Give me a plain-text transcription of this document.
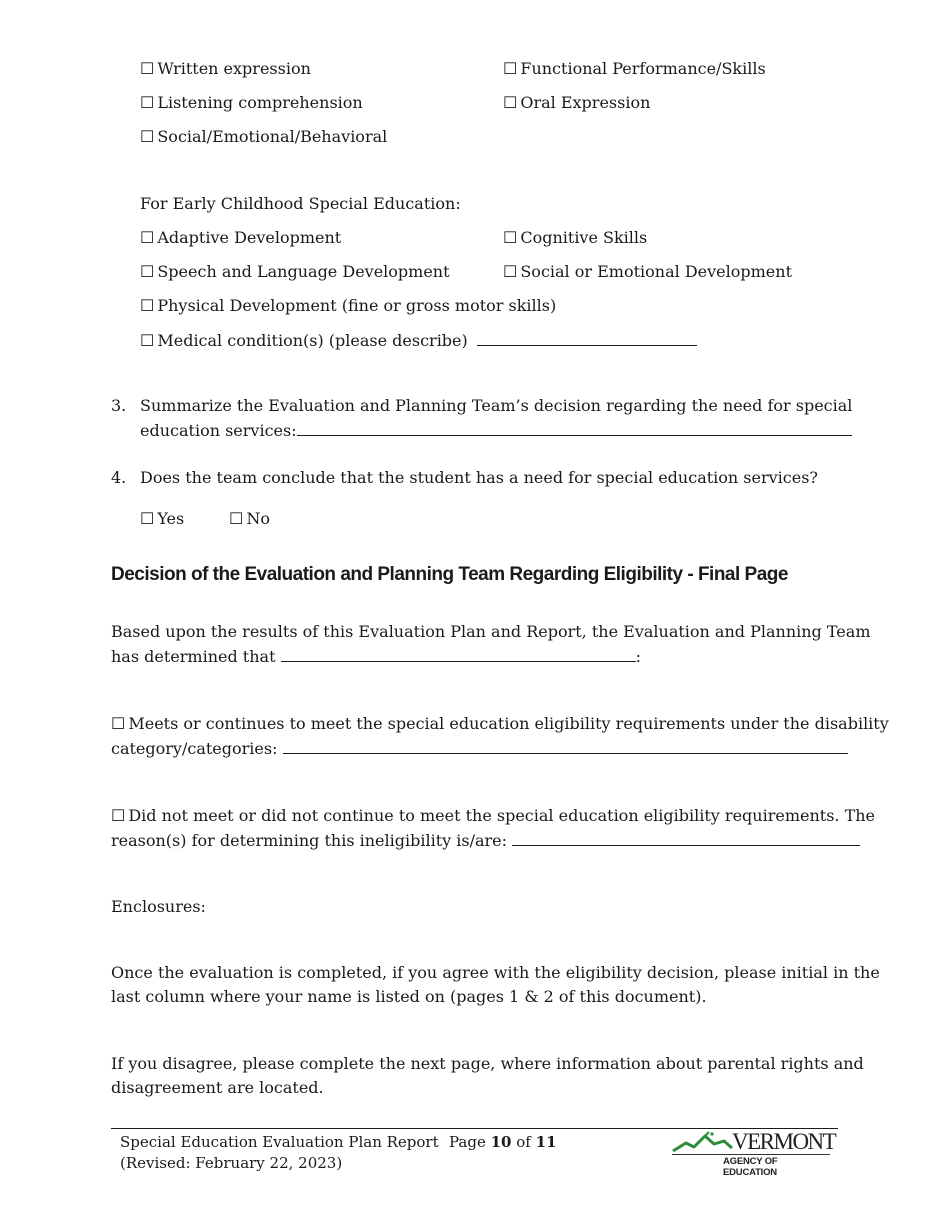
☐ Written expression	☐ Functional Performance/Skills
☐ Listening comprehension	☐ Oral Expression
☐ Social/Emotional/Behavioral
For Early Childhood Special Education:
☐ Adaptive Development	☐ Cognitive Skills
☐ Speech and Language Development	☐ Social or Emotional Development
☐ Physical Development (fine or gross motor skills)
☐ Medical condition(s) (please describe)
3. Summarize the Evaluation and Planning Team’s decision regarding the need for special
education services:
4. Does the team conclude that the student has a need for special education services?
☐ Yes	☐ No
Decision of the Evaluation and Planning Team Regarding Eligibility - Final Page
Based upon the results of this Evaluation Plan and Report, the Evaluation and Planning Team
has determined that	:
☐ Meets or continues to meet the special education eligibility requirements under the disability
category/categories:
☐ Did not meet or did not continue to meet the special education eligibility requirements. The
reason(s) for determining this ineligibility is/are:
Enclosures:
Once the evaluation is completed, if you agree with the eligibility decision, please initial in the
last column where your name is listed on (pages 1 & 2 of this document).
If you disagree, please complete the next page, where information about parental rights and
disagreement are located.
Special Education Evaluation Plan Report
(Revised: February 22, 2023)
Page 10 of 11	VERMONT
AGENCY OF EDUCATION
